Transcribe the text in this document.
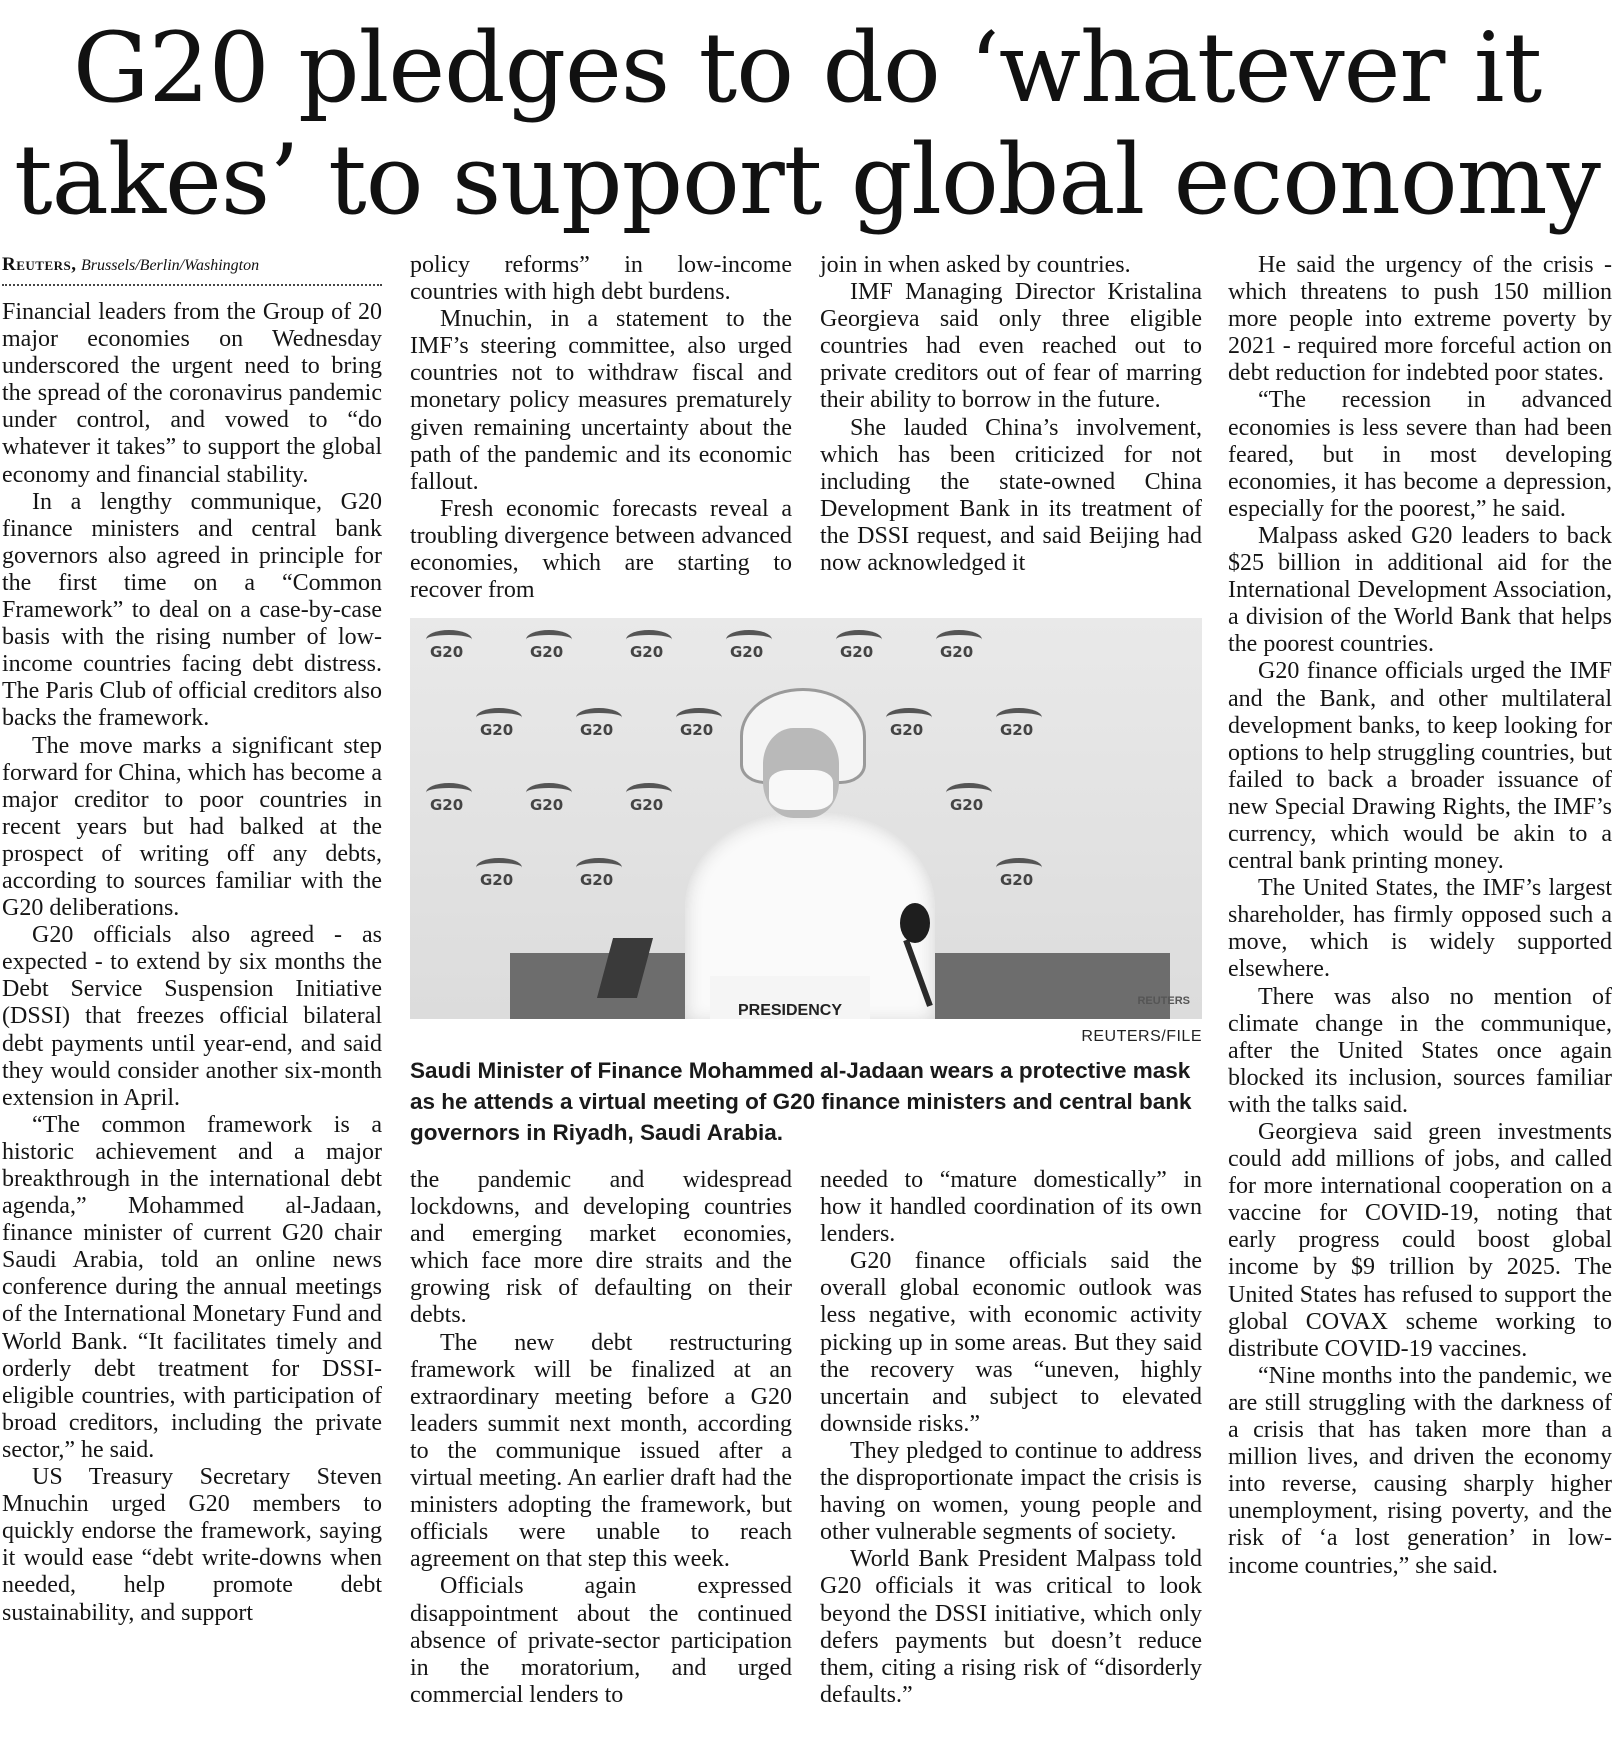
G20 pledges to do ‘whatever it takes’ to support global economy
Reuters, Brussels/Berlin/Washington

Financial leaders from the Group of 20 major economies on Wednesday underscored the urgent need to bring the spread of the coronavirus pandemic under control, and vowed to “do whatever it takes” to support the global economy and financial stability.

In a lengthy communique, G20 finance ministers and central bank governors also agreed in principle for the first time on a “Common Framework” to deal on a case-by-case basis with the rising number of low-income countries facing debt distress. The Paris Club of official creditors also backs the framework.

The move marks a significant step forward for China, which has become a major creditor to poor countries in recent years but had balked at the prospect of writing off any debts, according to sources familiar with the G20 deliberations.

G20 officials also agreed - as expected - to extend by six months the Debt Service Suspension Initiative (DSSI) that freezes official bilateral debt payments until year-end, and said they would consider another six-month extension in April.

“The common framework is a historic achievement and a major breakthrough in the international debt agenda,” Mohammed al-Jadaan, finance minister of current G20 chair Saudi Arabia, told an online news conference during the annual meetings of the International Monetary Fund and World Bank. “It facilitates timely and orderly debt treatment for DSSI-eligible countries, with participation of broad creditors, including the private sector,” he said.

US Treasury Secretary Steven Mnuchin urged G20 members to quickly endorse the framework, saying it would ease “debt write-downs when needed, help promote debt sustainability, and support

policy reforms” in low-income countries with high debt burdens.

Mnuchin, in a statement to the IMF’s steering committee, also urged countries not to withdraw fiscal and monetary policy measures prematurely given remaining uncertainty about the path of the pandemic and its economic fallout.

Fresh economic forecasts reveal a troubling divergence between advanced economies, which are starting to recover from

join in when asked by countries.

IMF Managing Director Kristalina Georgieva said only three eligible countries had even reached out to private creditors out of fear of marring their ability to borrow in the future.

She lauded China’s involvement, which has been criticized for not including the state-owned China Development Bank in its treatment of the DSSI request, and said Beijing had now acknowledged it

He said the urgency of the crisis - which threatens to push 150 million more people into extreme poverty by 2021 - required more forceful action on debt reduction for indebted poor states.

“The recession in advanced economies is less severe than had been feared, but in most developing economies, it has become a depression, especially for the poorest,” he said.

Malpass asked G20 leaders to back $25 billion in additional aid for the International Development Association, a division of the World Bank that helps the poorest countries.

G20 finance officials urged the IMF and the Bank, and other multilateral development banks, to keep looking for options to help struggling countries, but failed to back a broader issuance of new Special Drawing Rights, the IMF’s currency, which would be akin to a central bank printing money.

The United States, the IMF’s largest shareholder, has firmly opposed such a move, which is widely supported elsewhere.

There was also no mention of climate change in the communique, after the United States once again blocked its inclusion, sources familiar with the talks said.

Georgieva said green investments could add millions of jobs, and called for more international cooperation on a vaccine for COVID-19, noting that early progress could boost global income by $9 trillion by 2025. The United States has refused to support the global COVAX scheme working to distribute COVID-19 vaccines.

“Nine months into the pandemic, we are still struggling with the darkness of a crisis that has taken more than a million lives, and driven the economy into reverse, causing sharply higher unemployment, rising poverty, and the risk of ‘a lost generation’ in low-income countries,” she said.

G20	G20	G20	G20	G20	G20
G20	G20	G20	G20	G20
G20	G20	G20	G20
G20	G20	G20
PRESIDENCY
REUTERS
REUTERS/FILE
Saudi Minister of Finance Mohammed al-Jadaan wears a protective mask as he attends a virtual meeting of G20 finance ministers and central bank governors in Riyadh, Saudi Arabia.

the pandemic and widespread lockdowns, and developing countries and emerging market economies, which face more dire straits and the growing risk of defaulting on their debts.

The new debt restructuring framework will be finalized at an extraordinary meeting before a G20 leaders summit next month, according to the communique issued after a virtual meeting. An earlier draft had the ministers adopting the framework, but officials were unable to reach agreement on that step this week.

Officials again expressed disappointment about the continued absence of private-sector participation in the moratorium, and urged commercial lenders to

needed to “mature domestically” in how it handled coordination of its own lenders.

G20 finance officials said the overall global economic outlook was less negative, with economic activity picking up in some areas. But they said the recovery was “uneven, highly uncertain and subject to elevated downside risks.”

They pledged to continue to address the disproportionate impact the crisis is having on women, young people and other vulnerable segments of society.

World Bank President Malpass told G20 officials it was critical to look beyond the DSSI initiative, which only defers payments but doesn’t reduce them, citing a rising risk of “disorderly defaults.”
